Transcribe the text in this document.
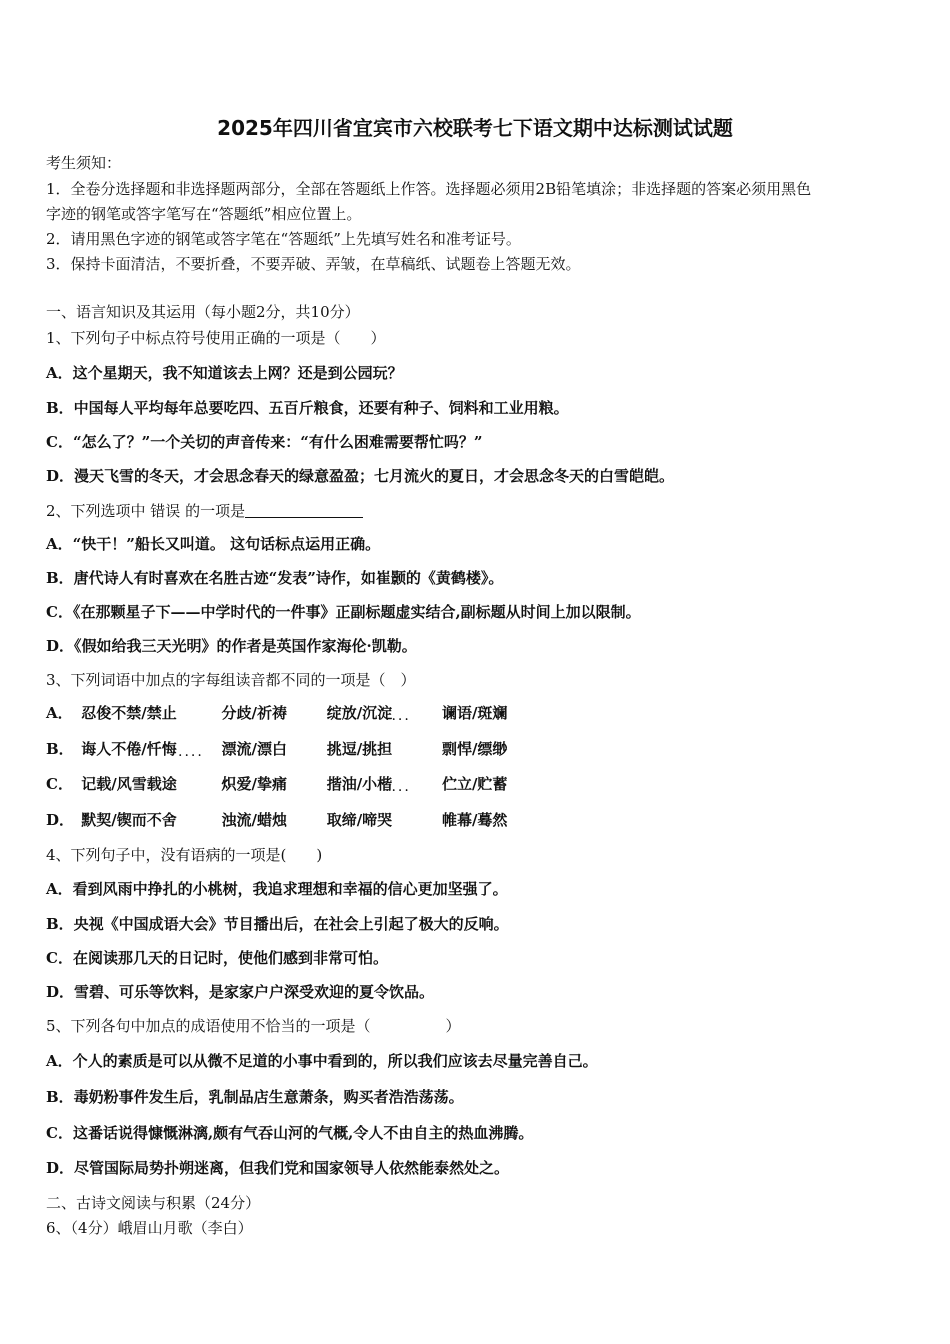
2025年四川省宜宾市六校联考七下语文期中达标测试试题
考生须知：
1．全卷分选择题和非选择题两部分，全部在答题纸上作答。选择题必须用2B铅笔填涂；非选择题的答案必须用黑色
字迹的钢笔或答字笔写在“答题纸”相应位置上。
2．请用黑色字迹的钢笔或答字笔在“答题纸”上先填写姓名和准考证号。
3．保持卡面清洁，不要折叠，不要弄破、弄皱，在草稿纸、试题卷上答题无效。
一、语言知识及其运用（每小题2分，共10分）
1、下列句子中标点符号使用正确的一项是（　　）
A．这个星期天，我不知道该去上网？还是到公园玩？
B．中国每人平均每年总要吃四、五百斤粮食，还要有种子、饲料和工业用粮。
C．“怎么了？”一个关切的声音传来：“有什么困难需要帮忙吗？”
D．漫天飞雪的冬天，才会思念春天的绿意盈盈；七月流火的夏日，才会思念冬天的白雪皑皑。
2、下列选项中 错误 的一项是
A．“快干！”船长又叫道。 这句话标点运用正确。
B．唐代诗人有时喜欢在名胜古迹“发表”诗作，如崔颢的《黄鹤楼》。
C．《在那颗星子下——中学时代的一件事》正副标题虚实结合,副标题从时间上加以限制。
D．《假如给我三天光明》的作者是英国作家海伦·凯勒。
3、下列词语中加点的字每组读音都不同的一项是（　）
A． 忍俊不禁/禁止	分歧/祈祷	绽放/沉淀	谰语/斑斓
....
B． 诲人不倦/忏悔	漂流/漂白	挑逗/挑担	剽悍/缥缈
....
C． 记载/风雪载途	炽爱/挚痛	揩油/小楷	伫立/贮蓄
....
D． 默契/锲而不舍	浊流/蜡烛	取缔/啼哭	帷幕/蓦然
4、下列句子中，没有语病的一项是(　　)
A．看到风雨中挣扎的小桃树，我追求理想和幸福的信心更加坚强了。
B．央视《中国成语大会》节目播出后，在社会上引起了极大的反响。
C．在阅读那几天的日记时，使他们感到非常可怕。
D．雪碧、可乐等饮料，是家家户户深受欢迎的夏令饮品。
5、下列各句中加点的成语使用不恰当的一项是（　　　　　）
A．个人的素质是可以从微不足道的小事中看到的，所以我们应该去尽量完善自己。
B．毒奶粉事件发生后，乳制品店生意萧条，购买者浩浩荡荡。
C．这番话说得慷慨淋漓,颇有气吞山河的气概,令人不由自主的热血沸腾。
D．尽管国际局势扑朔迷离，但我们党和国家领导人依然能泰然处之。
二、古诗文阅读与积累（24分）
6、（4分）峨眉山月歌（李白）
